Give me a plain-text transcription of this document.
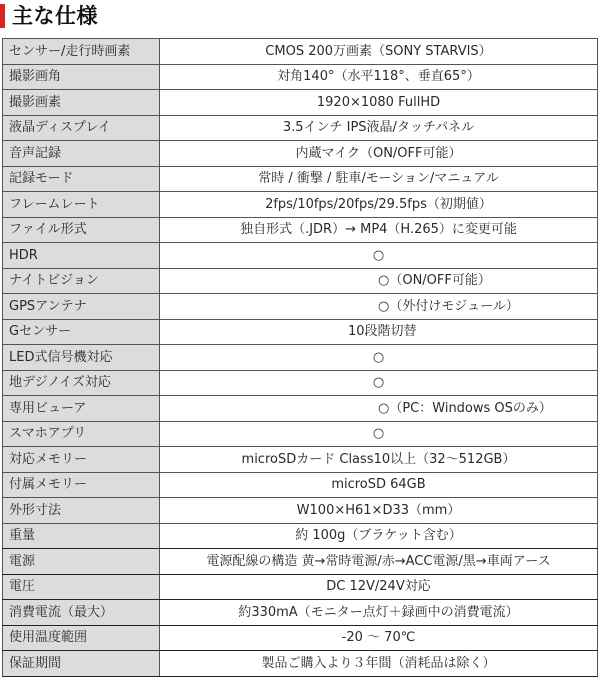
主な仕様
センサー/走行時画素	CMOS 200万画素（SONY STARVIS）
撮影画角	対角140°（水平118°、垂直65°）
撮影画素	1920×1080 FullHD
液晶ディスプレイ	3.5インチ IPS液晶/タッチパネル
音声記録	内蔵マイク（ON/OFF可能）
記録モード	常時 / 衝撃 / 駐車/モーション/マニュアル
フレームレート	2fps/10fps/20fps/29.5fps（初期値）
ファイル形式	独自形式（.JDR）→ MP4（H.265）に変更可能
HDR	○
ナイトビジョン	○（ON/OFF可能）
GPSアンテナ	○（外付けモジュール）
Gセンサー	10段階切替
LED式信号機対応	○
地デジノイズ対応	○
専用ビューア	○（PC：Windows OSのみ）
スマホアプリ	○
対応メモリー	microSDカード Class10以上（32〜512GB）
付属メモリー	microSD 64GB
外形寸法	W100×H61×D33（mm）
重量	約 100g（ブラケット含む）
電源	電源配線の構造 黄→常時電源/赤→ACC電源/黒→車両アース
電圧	DC 12V/24V対応
消費電流（最大）	約330mA（モニター点灯＋録画中の消費電流）
使用温度範囲	-20 〜 70℃
保証期間	製品ご購入より３年間（消耗品は除く）
